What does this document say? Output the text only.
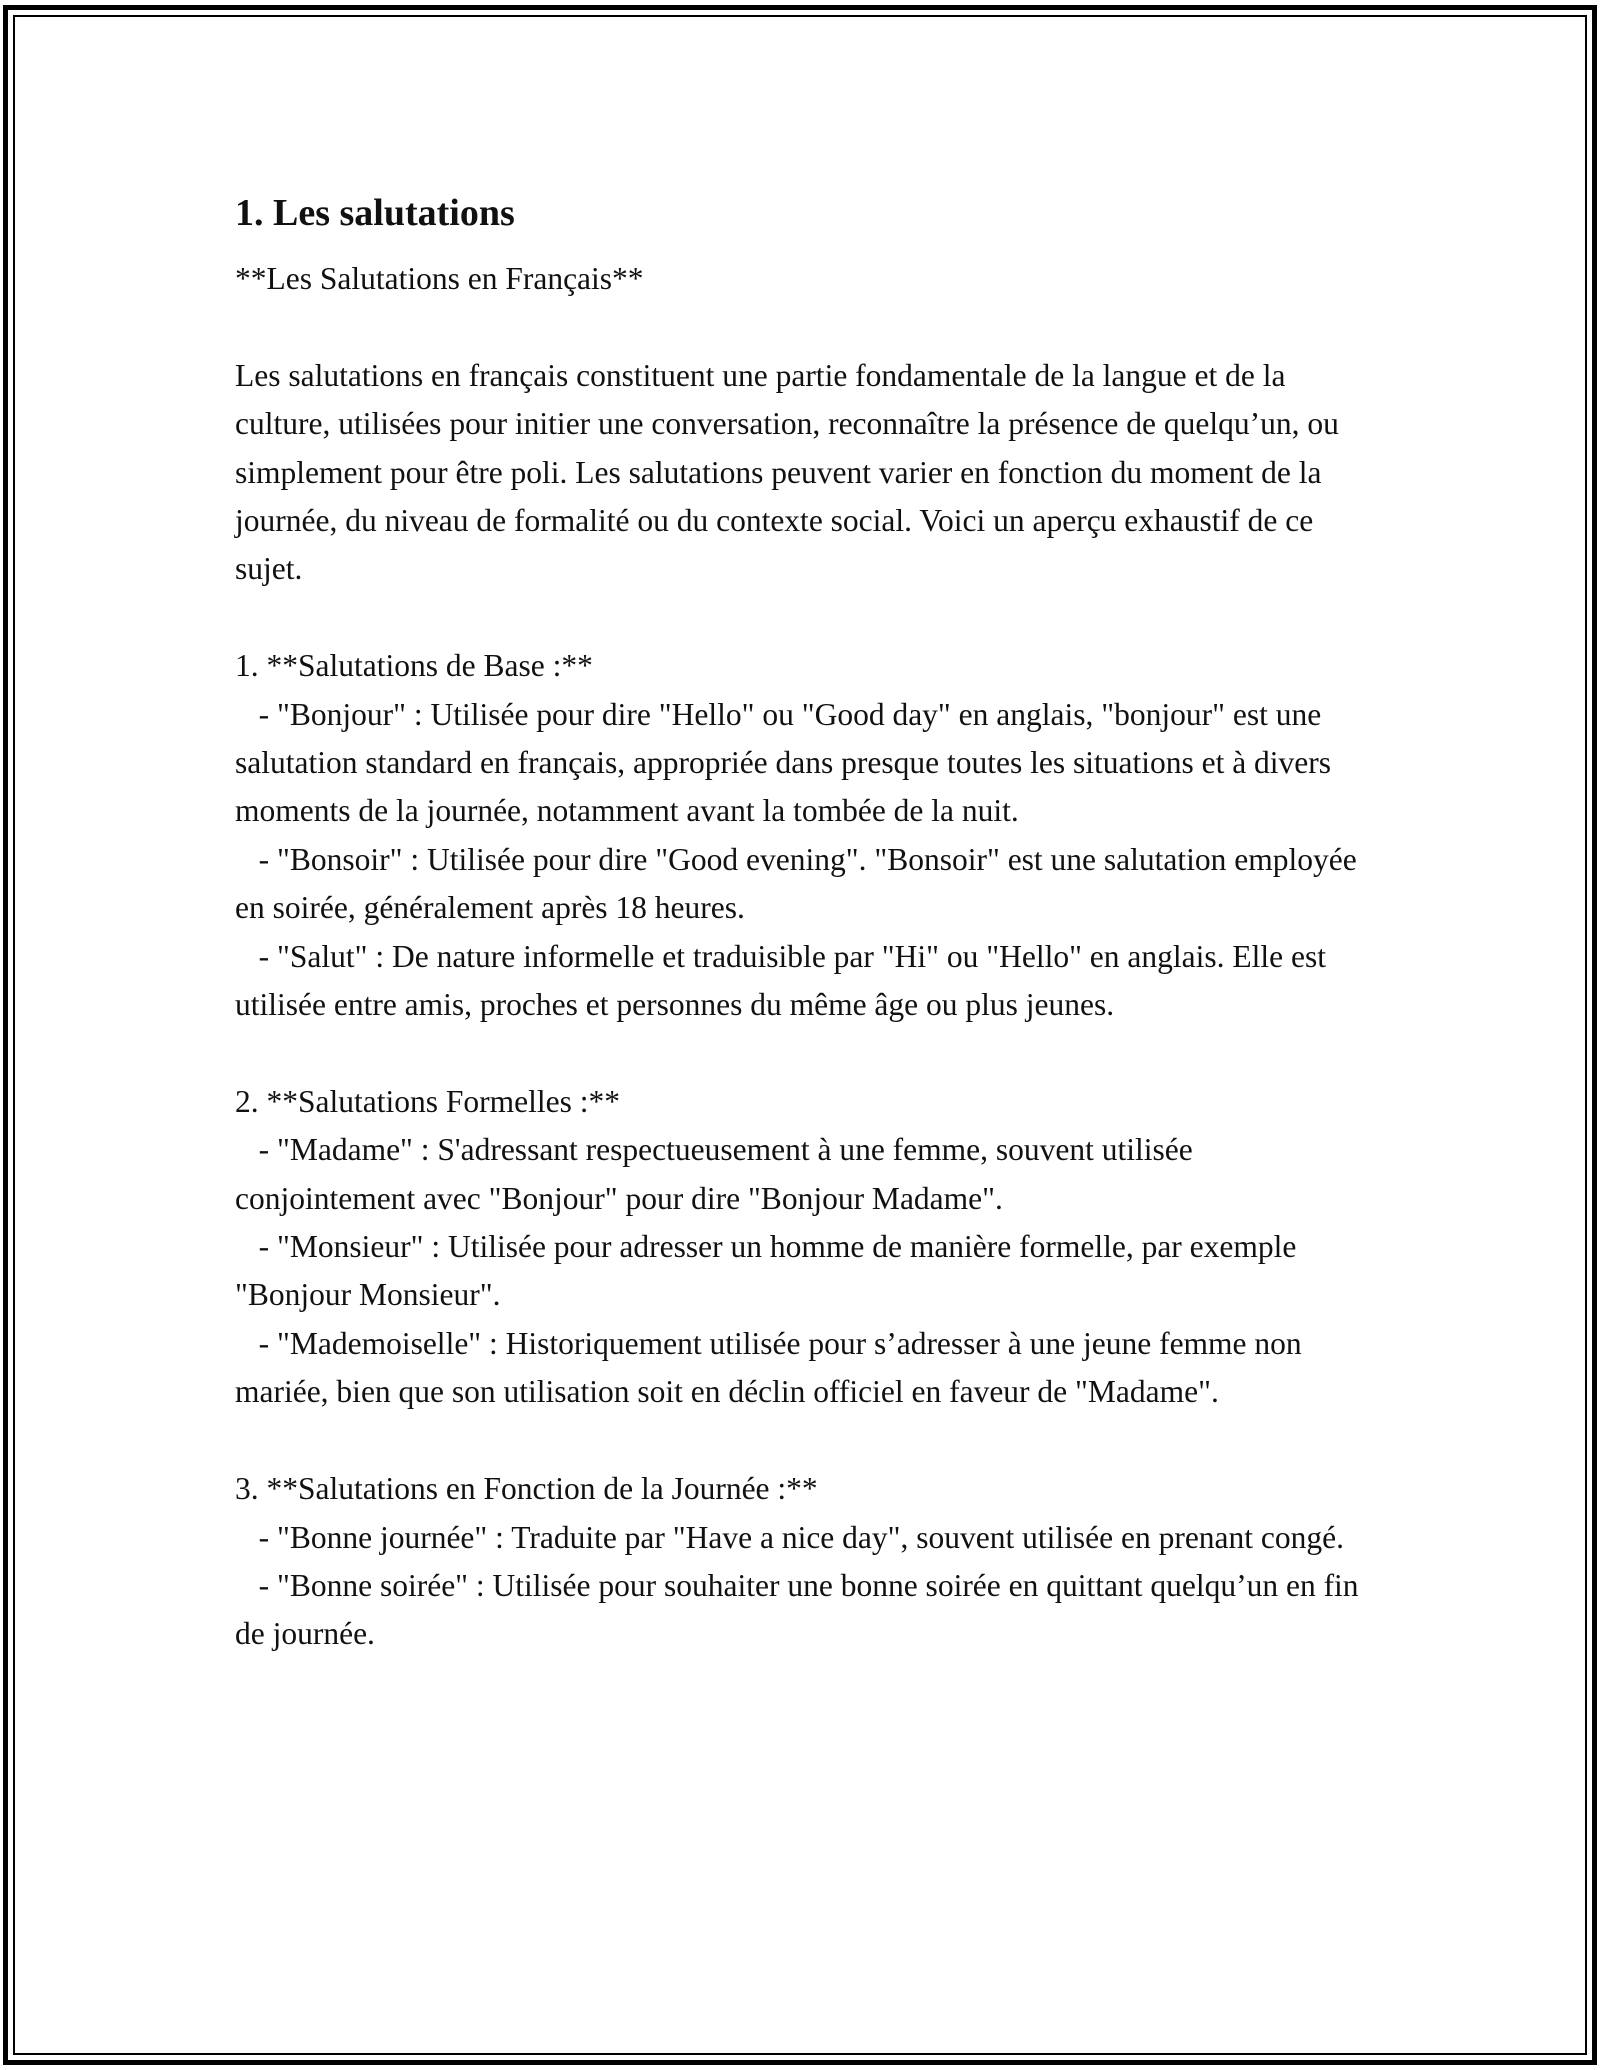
1. Les salutations

**Les Salutations en Français**

Les salutations en français constituent une partie fondamentale de la langue et de la culture, utilisées pour initier une conversation, reconnaître la présence de quelqu’un, ou simplement pour être poli. Les salutations peuvent varier en fonction du moment de la journée, du niveau de formalité ou du contexte social. Voici un aperçu exhaustif de ce sujet.

1. **Salutations de Base :**

- "Bonjour" : Utilisée pour dire "Hello" ou "Good day" en anglais, "bonjour" est une salutation standard en français, appropriée dans presque toutes les situations et à divers moments de la journée, notamment avant la tombée de la nuit.

- "Bonsoir" : Utilisée pour dire "Good evening". "Bonsoir" est une salutation employée en soirée, généralement après 18 heures.

- "Salut" : De nature informelle et traduisible par "Hi" ou "Hello" en anglais. Elle est utilisée entre amis, proches et personnes du même âge ou plus jeunes.

2. **Salutations Formelles :**

- "Madame" : S'adressant respectueusement à une femme, souvent utilisée conjointement avec "Bonjour" pour dire "Bonjour Madame".

- "Monsieur" : Utilisée pour adresser un homme de manière formelle, par exemple "Bonjour Monsieur".

- "Mademoiselle" : Historiquement utilisée pour s’adresser à une jeune femme non mariée, bien que son utilisation soit en déclin officiel en faveur de "Madame".

3. **Salutations en Fonction de la Journée :**

- "Bonne journée" : Traduite par "Have a nice day", souvent utilisée en prenant congé.

- "Bonne soirée" : Utilisée pour souhaiter une bonne soirée en quittant quelqu’un en fin de journée.
